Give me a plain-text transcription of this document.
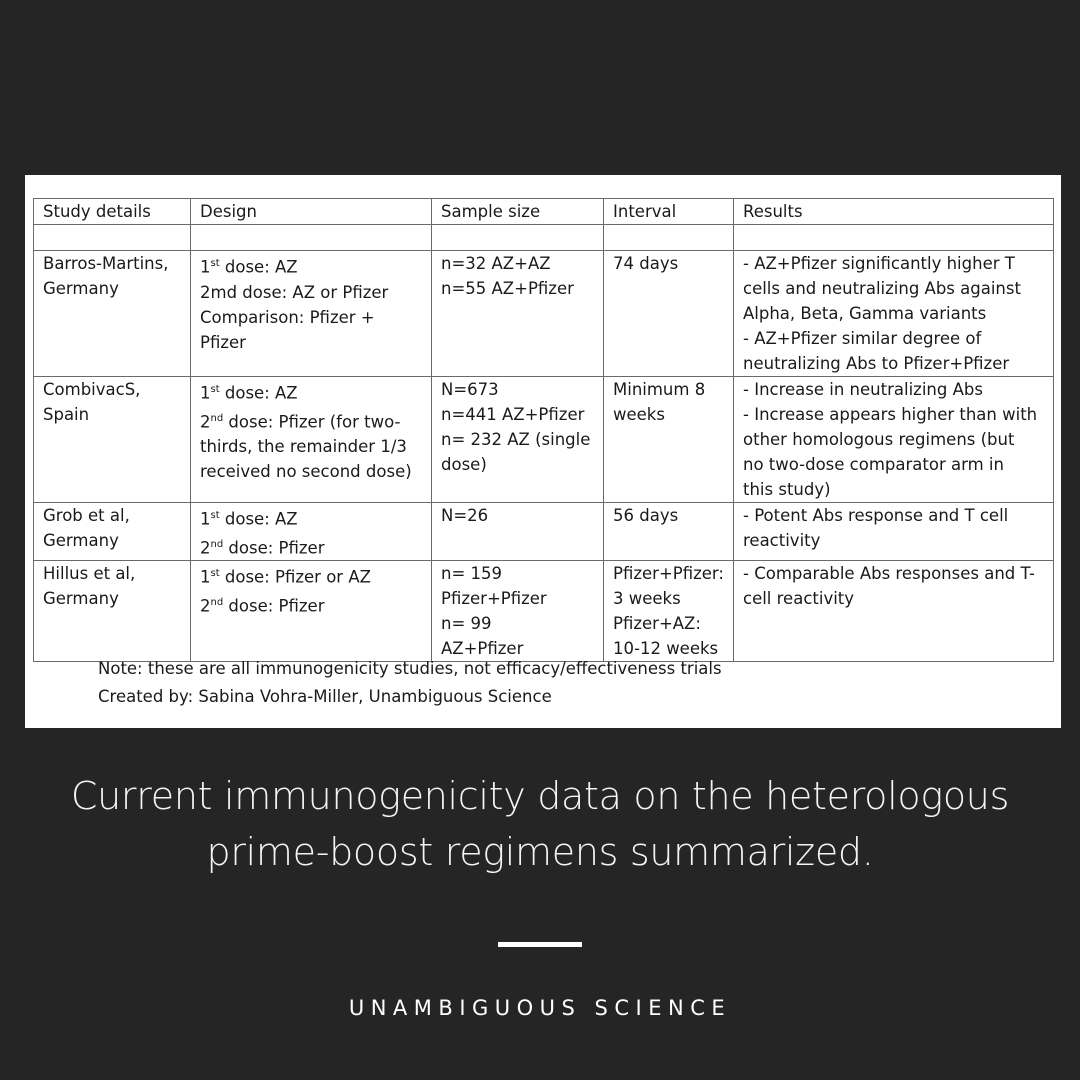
Study details	Design	Sample size	Interval	Results

Barros-Martins,
Germany	1st dose: AZ
2md dose: AZ or Pfizer
Comparison: Pfizer +
Pfizer	n=32 AZ+AZ
n=55 AZ+Pfizer	74 days	- AZ+Pfizer significantly higher T
cells and neutralizing Abs against
Alpha, Beta, Gamma variants
- AZ+Pfizer similar degree of
neutralizing Abs to Pfizer+Pfizer

CombivacS,
Spain	1st dose: AZ
2nd dose: Pfizer (for two-
thirds, the remainder 1/3
received no second dose)	N=673
n=441 AZ+Pfizer
n= 232 AZ (single
dose)	Minimum 8
weeks	- Increase in neutralizing Abs
- Increase appears higher than with
other homologous regimens (but
no two-dose comparator arm in
this study)

Grob et al,
Germany	1st dose: AZ
2nd dose: Pfizer	N=26	56 days	- Potent Abs response and T cell
reactivity

Hillus et al,
Germany	1st dose: Pfizer or AZ
2nd dose: Pfizer	n= 159
Pfizer+Pfizer
n= 99
AZ+Pfizer	Pfizer+Pfizer:
3 weeks
Pfizer+AZ:
10-12 weeks	- Comparable Abs responses and T-
cell reactivity
Note: these are all immunogenicity studies, not efficacy/effectiveness trials
Created by: Sabina Vohra-Miller, Unambiguous Science
Current immunogenicity data on the heterologous
prime-boost regimens summarized.
UNAMBIGUOUS SCIENCE
